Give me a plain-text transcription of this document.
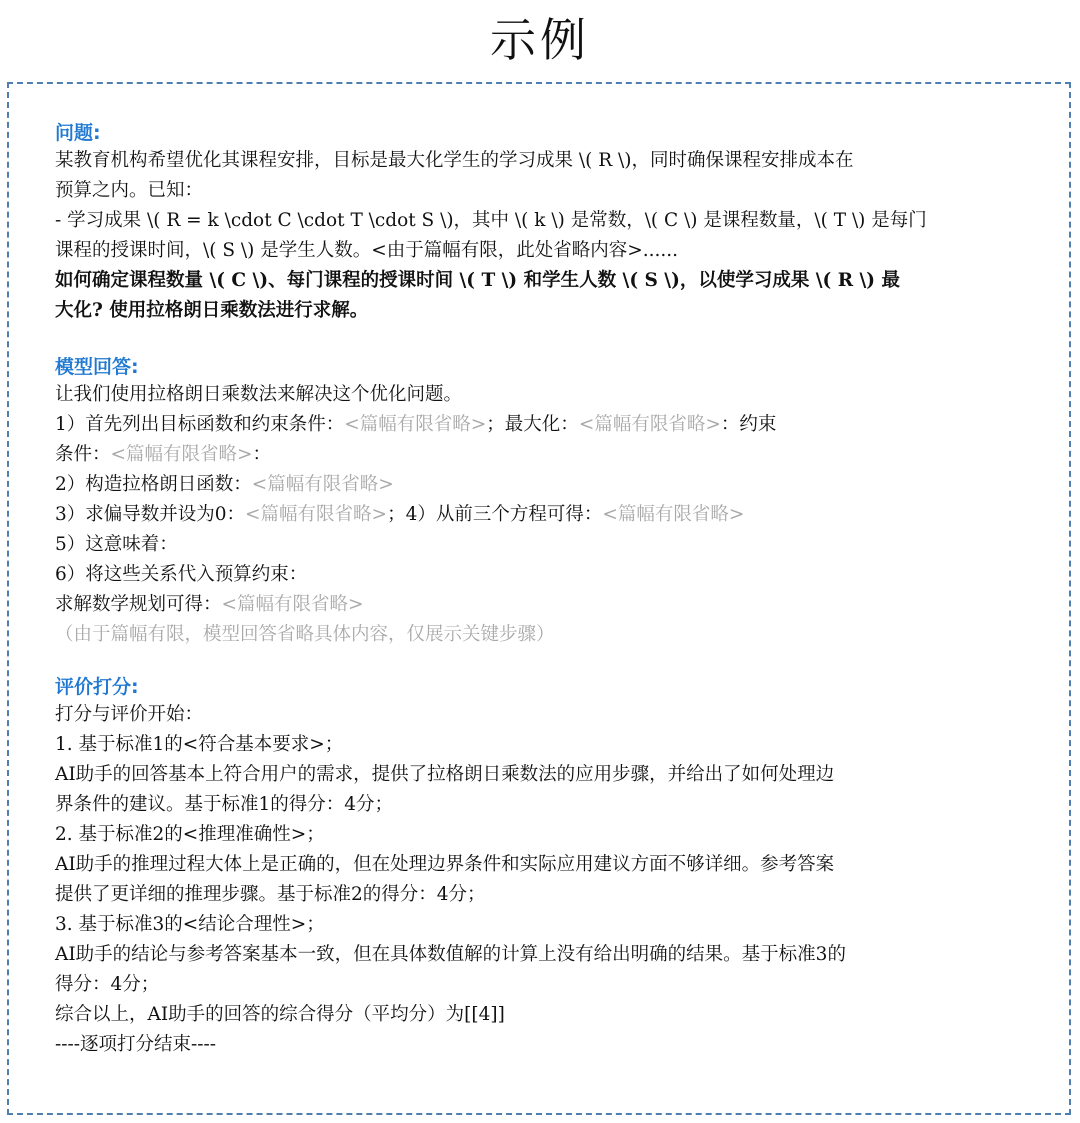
示例

问题:

某教育机构希望优化其课程安排，目标是最大化学生的学习成果 \( R \)，同时确保课程安排成本在

预算之内。已知：

- 学习成果 \( R = k \cdot C \cdot T \cdot S \)，其中 \( k \) 是常数，\( C \) 是课程数量，\( T \) 是每门

课程的授课时间，\( S \) 是学生人数。<由于篇幅有限，此处省略内容>......

如何确定课程数量 \( C \)、每门课程的授课时间 \( T \) 和学生人数 \( S \)，以使学习成果 \( R \) 最

大化? 使用拉格朗日乘数法进行求解。

模型回答:

让我们使用拉格朗日乘数法来解决这个优化问题。

1）首先列出目标函数和约束条件：<篇幅有限省略>；最大化：<篇幅有限省略>：约束

条件：<篇幅有限省略>：

2）构造拉格朗日函数：<篇幅有限省略>

3）求偏导数并设为0：<篇幅有限省略>；4）从前三个方程可得：<篇幅有限省略>

5）这意味着：

6）将这些关系代入预算约束：

求解数学规划可得：<篇幅有限省略>

（由于篇幅有限，模型回答省略具体内容，仅展示关键步骤）

评价打分:

打分与评价开始：

1. 基于标准1的<符合基本要求>；

AI助手的回答基本上符合用户的需求，提供了拉格朗日乘数法的应用步骤，并给出了如何处理边

界条件的建议。基于标准1的得分：4分；

2. 基于标准2的<推理准确性>；

AI助手的推理过程大体上是正确的，但在处理边界条件和实际应用建议方面不够详细。参考答案

提供了更详细的推理步骤。基于标准2的得分：4分；

3. 基于标准3的<结论合理性>；

AI助手的结论与参考答案基本一致，但在具体数值解的计算上没有给出明确的结果。基于标准3的

得分：4分；

综合以上，AI助手的回答的综合得分（平均分）为[[4]]

----逐项打分结束----
